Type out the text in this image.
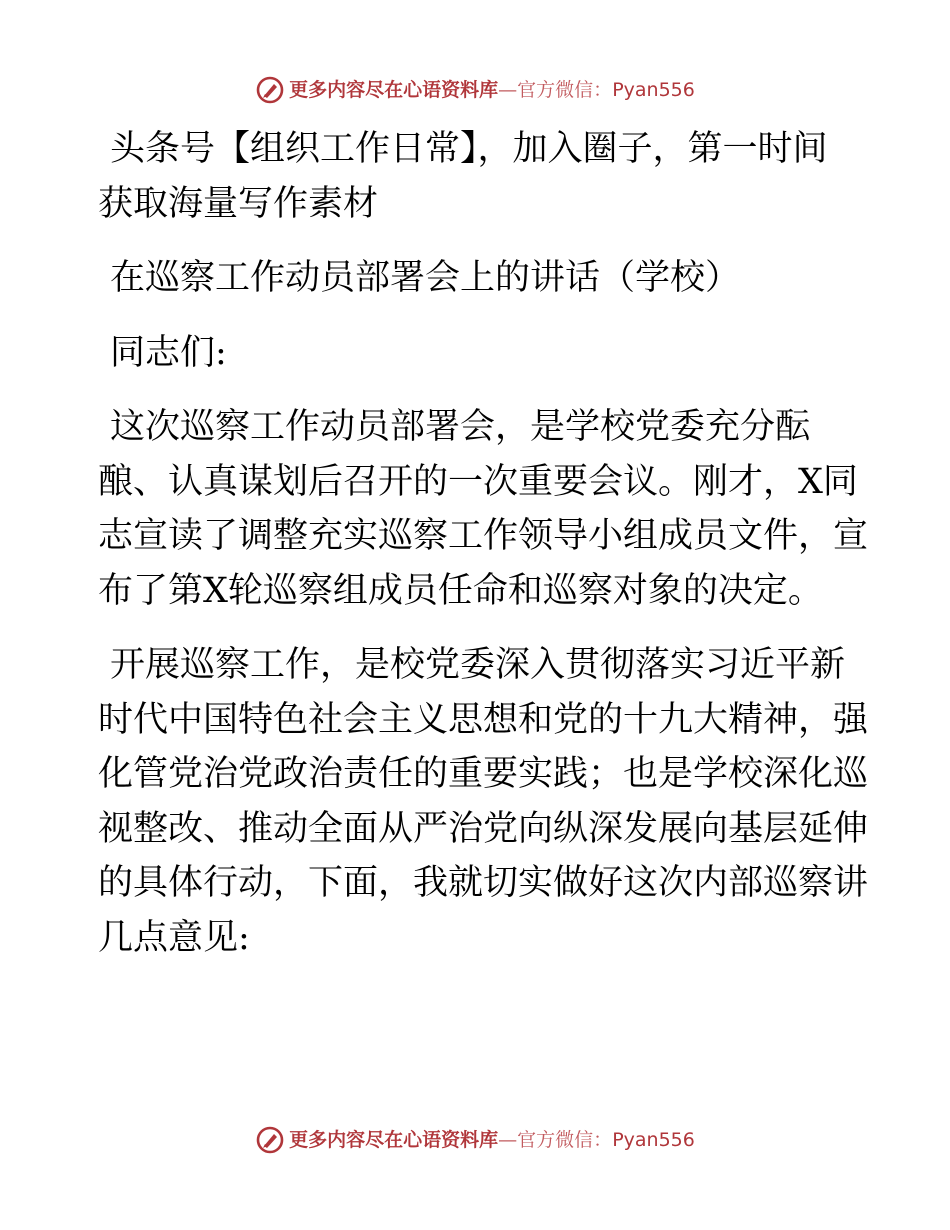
更多内容尽在心语资料库—官方微信：Pyan556

头条号【组织工作日常】，加入圈子，第一时间
获取海量写作素材

在巡察工作动员部署会上的讲话（学校）

同志们:

这次巡察工作动员部署会，是学校党委充分酝
酿、认真谋划后召开的一次重要会议。刚才，X同
志宣读了调整充实巡察工作领导小组成员文件，宣
布了第X轮巡察组成员任命和巡察对象的决定。

开展巡察工作，是校党委深入贯彻落实习近平新
时代中国特色社会主义思想和党的十九大精神，强
化管党治党政治责任的重要实践；也是学校深化巡
视整改、推动全面从严治党向纵深发展向基层延伸
的具体行动，下面，我就切实做好这次内部巡察讲
几点意见:

更多内容尽在心语资料库—官方微信：Pyan556
